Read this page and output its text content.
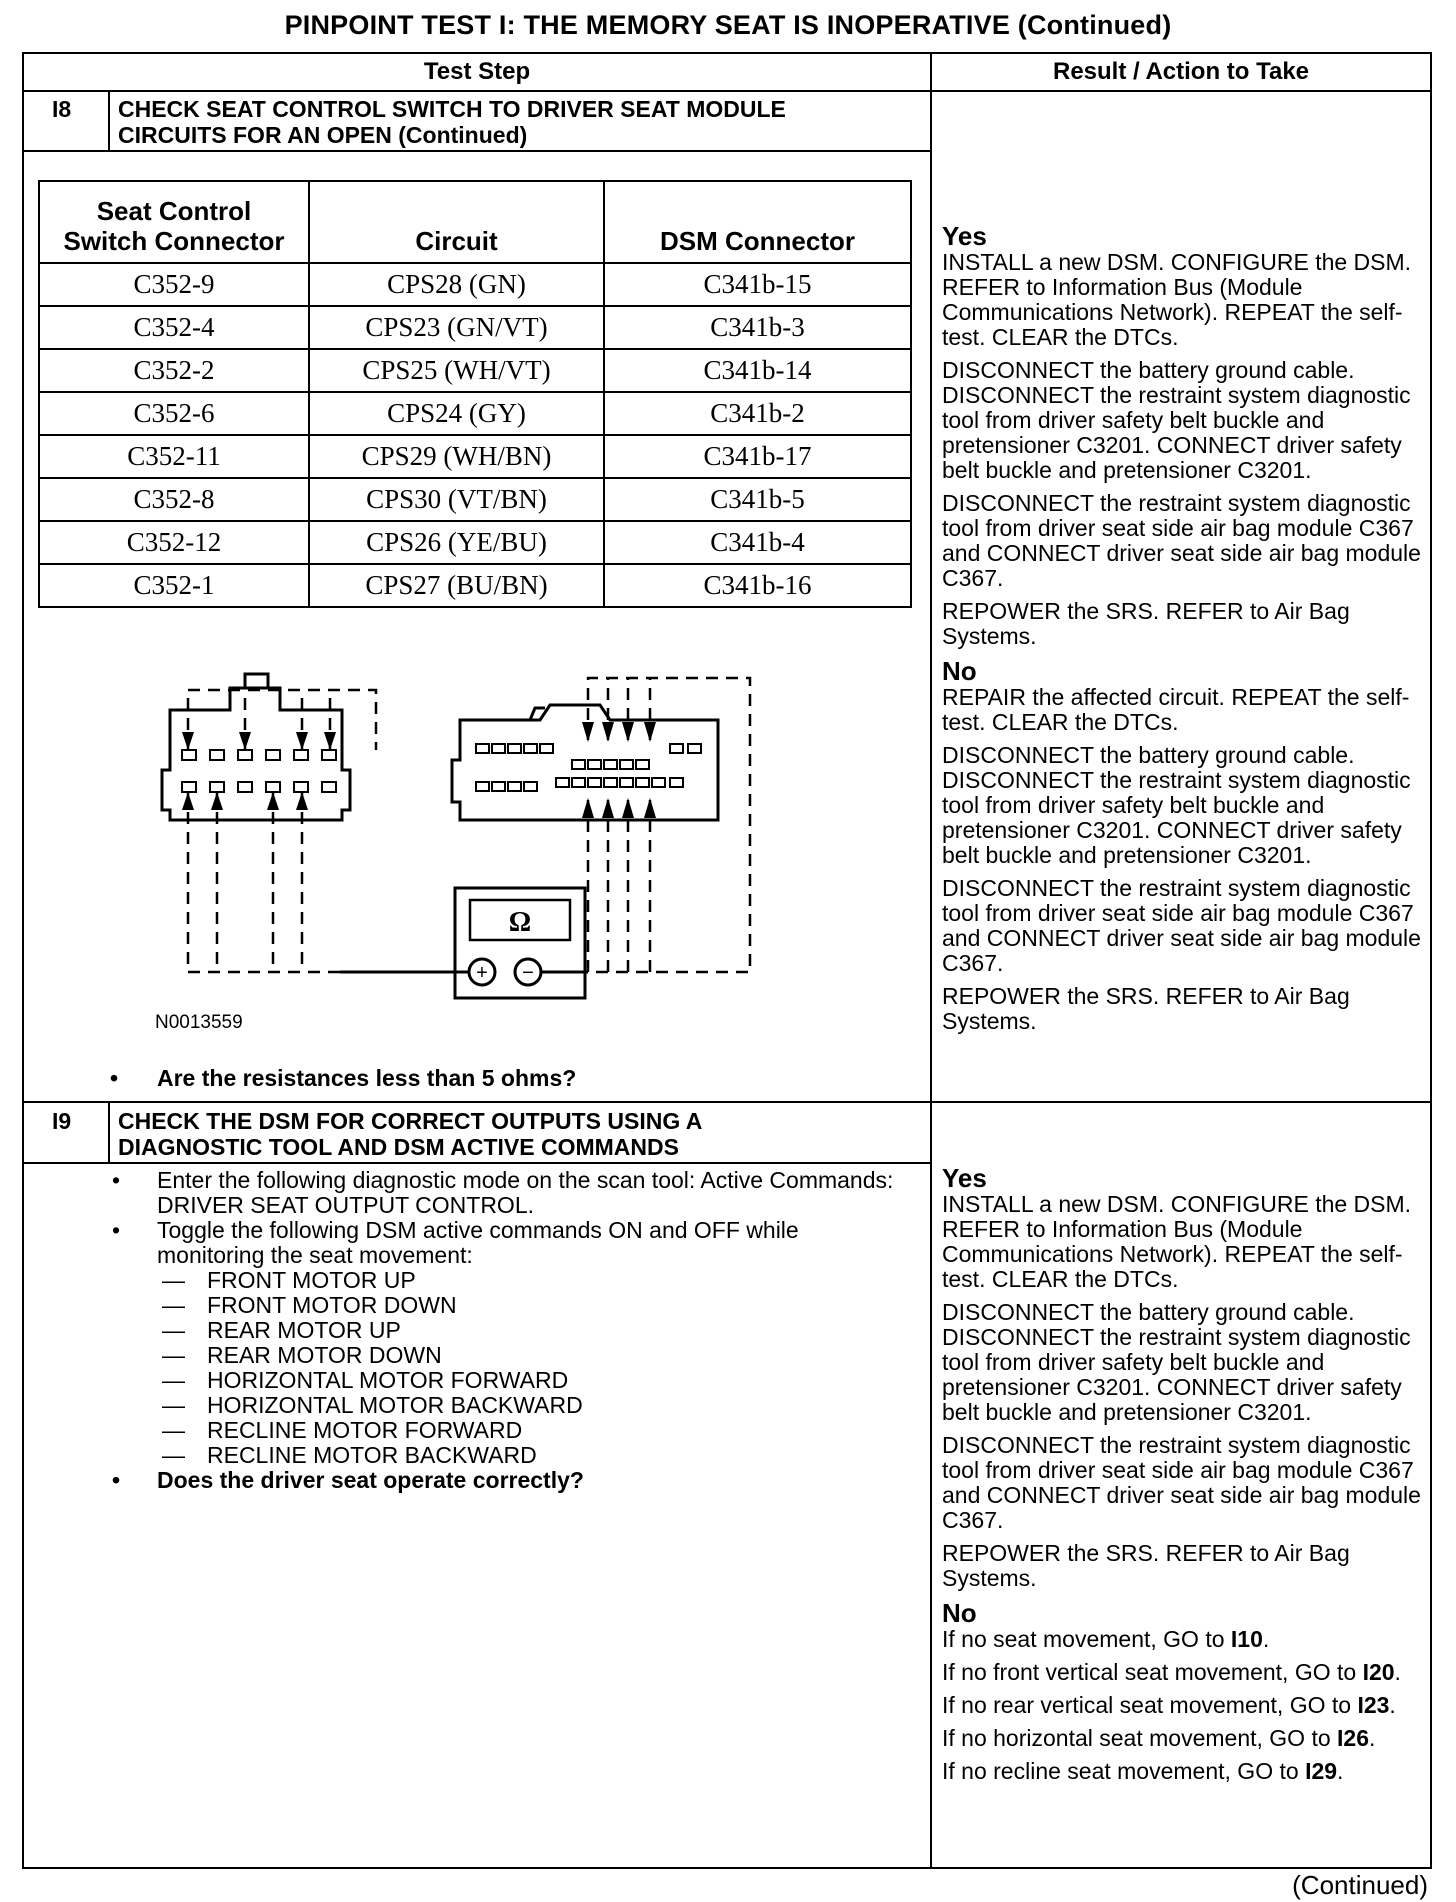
PINPOINT TEST I: THE MEMORY SEAT IS INOPERATIVE (Continued)
Test Step	Result / Action to Take
I8 CHECK SEAT CONTROL SWITCH TO DRIVER SEAT MODULE
CIRCUITS FOR AN OPEN (Continued)
Seat Control
Switch Connector	Circuit	DSM Connector
C352-9	CPS28 (GN)	C341b-15
C352-4	CPS23 (GN/VT)	C341b-3
C352-2	CPS25 (WH/VT)	C341b-14
C352-6	CPS24 (GY)	C341b-2
C352-11	CPS29 (WH/BN)	C341b-17
C352-8	CPS30 (VT/BN)	C341b-5
C352-12	CPS26 (YE/BU)	C341b-4
C352-1	CPS27 (BU/BN)	C341b-16
•	Are the resistances less than 5 ohms?
Yes

INSTALL a new DSM. CONFIGURE the DSM. REFER to Information Bus (Module Communications Network). REPEAT the self-test. CLEAR the DTCs.

DISCONNECT the battery ground cable. DISCONNECT the restraint system diagnostic tool from driver safety belt buckle and pretensioner C3201. CONNECT driver safety belt buckle and pretensioner C3201.

DISCONNECT the restraint system diagnostic tool from driver seat side air bag module C367 and CONNECT driver seat side air bag module C367.

REPOWER the SRS. REFER to Air Bag Systems.

No

REPAIR the affected circuit. REPEAT the self-test. CLEAR the DTCs.

DISCONNECT the battery ground cable. DISCONNECT the restraint system diagnostic tool from driver safety belt buckle and pretensioner C3201. CONNECT driver safety belt buckle and pretensioner C3201.

DISCONNECT the restraint system diagnostic tool from driver seat side air bag module C367 and CONNECT driver seat side air bag module C367.

REPOWER the SRS. REFER to Air Bag Systems.

I9 CHECK THE DSM FOR CORRECT OUTPUTS USING A
DIAGNOSTIC TOOL AND DSM ACTIVE COMMANDS
•	Enter the following diagnostic mode on the scan tool: Active Commands: DRIVER SEAT OUTPUT CONTROL.
•	Toggle the following DSM active commands ON and OFF while monitoring the seat movement:
— FRONT MOTOR UP
— FRONT MOTOR DOWN
— REAR MOTOR UP
— REAR MOTOR DOWN
— HORIZONTAL MOTOR FORWARD
— HORIZONTAL MOTOR BACKWARD
— RECLINE MOTOR FORWARD
— RECLINE MOTOR BACKWARD
•	Does the driver seat operate correctly?
Yes

INSTALL a new DSM. CONFIGURE the DSM. REFER to Information Bus (Module Communications Network). REPEAT the self-test. CLEAR the DTCs.

DISCONNECT the battery ground cable. DISCONNECT the restraint system diagnostic tool from driver safety belt buckle and pretensioner C3201. CONNECT driver safety belt buckle and pretensioner C3201.

DISCONNECT the restraint system diagnostic tool from driver seat side air bag module C367 and CONNECT driver seat side air bag module C367.

REPOWER the SRS. REFER to Air Bag Systems.

No

If no seat movement, GO to I10.

If no front vertical seat movement, GO to I20.

If no rear vertical seat movement, GO to I23.

If no horizontal seat movement, GO to I26.

If no recline seat movement, GO to I29.

Ω
+ −
N0013559
(Continued)
